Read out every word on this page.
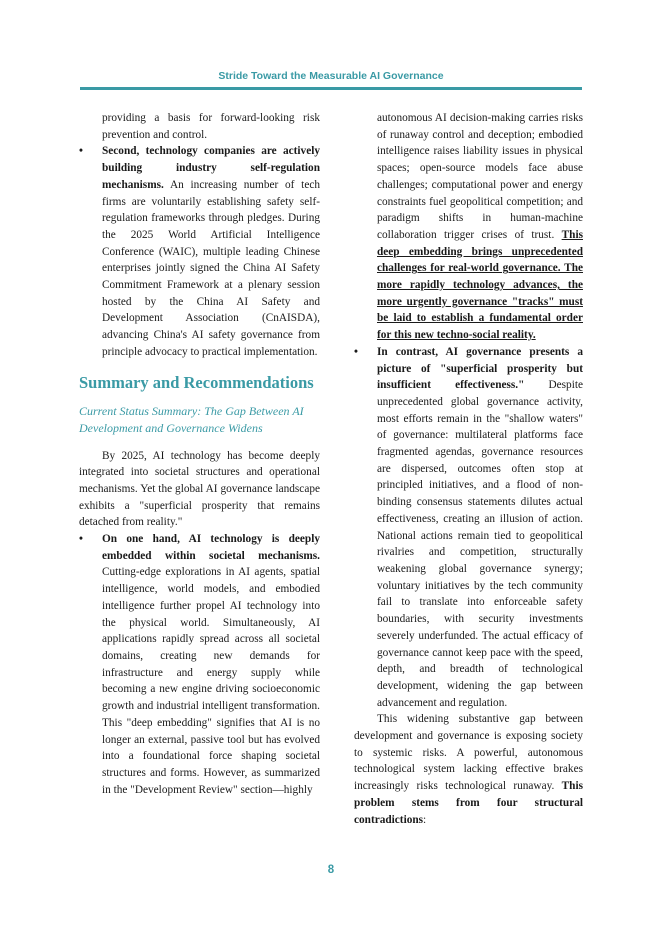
Stride Toward the Measurable AI Governance

providing a basis for forward-looking risk prevention and control.

• Second, technology companies are actively building industry self-regulation mechanisms. An increasing number of tech firms are voluntarily establishing safety self-regulation frameworks through pledges. During the 2025 World Artificial Intelligence Conference (WAIC), multiple leading Chinese enterprises jointly signed the China AI Safety Commitment Framework at a plenary session hosted by the China AI Safety and Development Association (CnAISDA), advancing China's AI safety governance from principle advocacy to practical implementation.

Summary and Recommendations
Current Status Summary: The Gap Between AI Development and Governance Widens

By 2025, AI technology has become deeply integrated into societal structures and operational mechanisms. Yet the global AI governance landscape exhibits a "superficial prosperity that remains detached from reality."

• On one hand, AI technology is deeply embedded within societal mechanisms. Cutting-edge explorations in AI agents, spatial intelligence, world models, and embodied intelligence further propel AI technology into the physical world. Simultaneously, AI applications rapidly spread across all societal domains, creating new demands for infrastructure and energy supply while becoming a new engine driving socioeconomic growth and industrial intelligent transformation. This "deep embedding" signifies that AI is no longer an external, passive tool but has evolved into a foundational force shaping societal structures and forms. However, as summarized in the "Development Review" section—highly

autonomous AI decision-making carries risks of runaway control and deception; embodied intelligence raises liability issues in physical spaces; open-source models face abuse challenges; computational power and energy constraints fuel geopolitical competition; and paradigm shifts in human-machine collaboration trigger crises of trust. This deep embedding brings unprecedented challenges for real-world governance. The more rapidly technology advances, the more urgently governance "tracks" must be laid to establish a fundamental order for this new techno-social reality.

• In contrast, AI governance presents a picture of "superficial prosperity but insufficient effectiveness." Despite unprecedented global governance activity, most efforts remain in the "shallow waters" of governance: multilateral platforms face fragmented agendas, governance resources are dispersed, outcomes often stop at principled initiatives, and a flood of non-binding consensus statements dilutes actual effectiveness, creating an illusion of action. National actions remain tied to geopolitical rivalries and competition, structurally weakening global governance synergy; voluntary initiatives by the tech community fail to translate into enforceable safety boundaries, with security investments severely underfunded. The actual efficacy of governance cannot keep pace with the speed, depth, and breadth of technological development, widening the gap between advancement and regulation.

This widening substantive gap between development and governance is exposing society to systemic risks. A powerful, autonomous technological system lacking effective brakes increasingly risks technological runaway. This problem stems from four structural contradictions:

8
